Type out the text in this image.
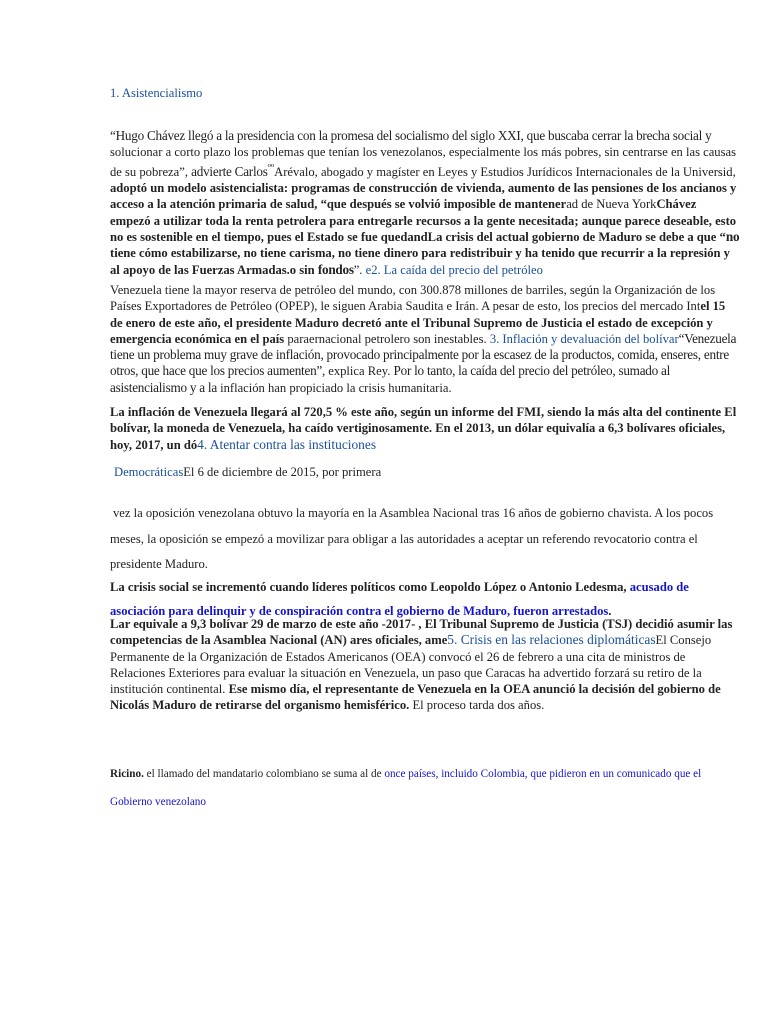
1. Asistencialismo
“Hugo Chávez llegó a la presidencia con la promesa del socialismo del siglo XXI, que buscaba cerrar la brecha social y solucionar a corto plazo los problemas que tenían los venezolanos, especialmente los más pobres, sin centrarse en las causas de su pobreza”, advierte Carlos$^{ºº}$Arévalo, abogado y magíster en Leyes y Estudios Jurídicos Internacionales de la Universid, adoptó un modelo asistencialista: programas de construcción de vivienda, aumento de las pensiones de los ancianos y acceso a la atención primaria de salud, “que después se volvió imposible de mantenerad de Nueva YorkChávez empezó a utilizar toda la renta petrolera para entregarle recursos a la gente necesitada; aunque parece deseable, esto no es sostenible en el tiempo, pues el Estado se fue quedandLa crisis del actual gobierno de Maduro se debe a que “no tiene cómo estabilizarse, no tiene carisma, no tiene dinero para redistribuir y ha tenido que recurrir a la represión y al apoyo de las Fuerzas Armadas.o sin fondos”. e2. La caída del precio del petróleo
Venezuela tiene la mayor reserva de petróleo del mundo, con 300.878 millones de barriles, según la Organización de los Países Exportadores de Petróleo (OPEP), le siguen Arabia Saudita e Irán. A pesar de esto, los precios del mercado Intel 15 de enero de este año, el presidente Maduro decretó ante el Tribunal Supremo de Justicia el estado de excepción y emergencia económica en el país paraernacional petrolero son inestables. 3. Inflación y devaluación del bolívar“Venezuela tiene un problema muy grave de inflación, provocado principalmente por la escasez de la productos, comida, enseres, entre otros, que hace que los precios aumenten”, explica Rey. Por lo tanto, la caída del precio del petróleo, sumado al asistencialismo y a la inflación han propiciado la crisis humanitaria.
La inflación de Venezuela llegará al 720,5 % este año, según un informe del FMI, siendo la más alta del continente El bolívar, la moneda de Venezuela, ha caído vertiginosamente. En el 2013, un dólar equivalía a 6,3 bolívares oficiales, hoy, 2017, un dó4. Atentar contra las instituciones
DemocráticasEl 6 de diciembre de 2015, por primera
vez la oposición venezolana obtuvo la mayoría en la Asamblea Nacional tras 16 años de gobierno chavista. A los pocos
meses, la oposición se empezó a movilizar para obligar a las autoridades a aceptar un referendo revocatorio contra el
presidente Maduro.
La crisis social se incrementó cuando líderes políticos como Leopoldo López o Antonio Ledesma, acusado de asociación para delinquir y de conspiración contra el gobierno de Maduro, fueron arrestados.
Lar equivale a 9,3 bolívar 29 de marzo de este año -2017- , El Tribunal Supremo de Justicia (TSJ) decidió asumir las competencias de la Asamblea Nacional (AN) ares oficiales, ame5. Crisis en las relaciones diplomáticasEl Consejo Permanente de la Organización de Estados Americanos (OEA) convocó el 26 de febrero a una cita de ministros de Relaciones Exteriores para evaluar la situación en Venezuela, un paso que Caracas ha advertido forzará su retiro de la institución continental. Ese mismo día, el representante de Venezuela en la OEA anunció la decisión del gobierno de Nicolás Maduro de retirarse del organismo hemisférico. El proceso tarda dos años.
Ricino. el llamado del mandatario colombiano se suma al de once países, incluido Colombia, que pidieron en un comunicado que el
Gobierno venezolano
